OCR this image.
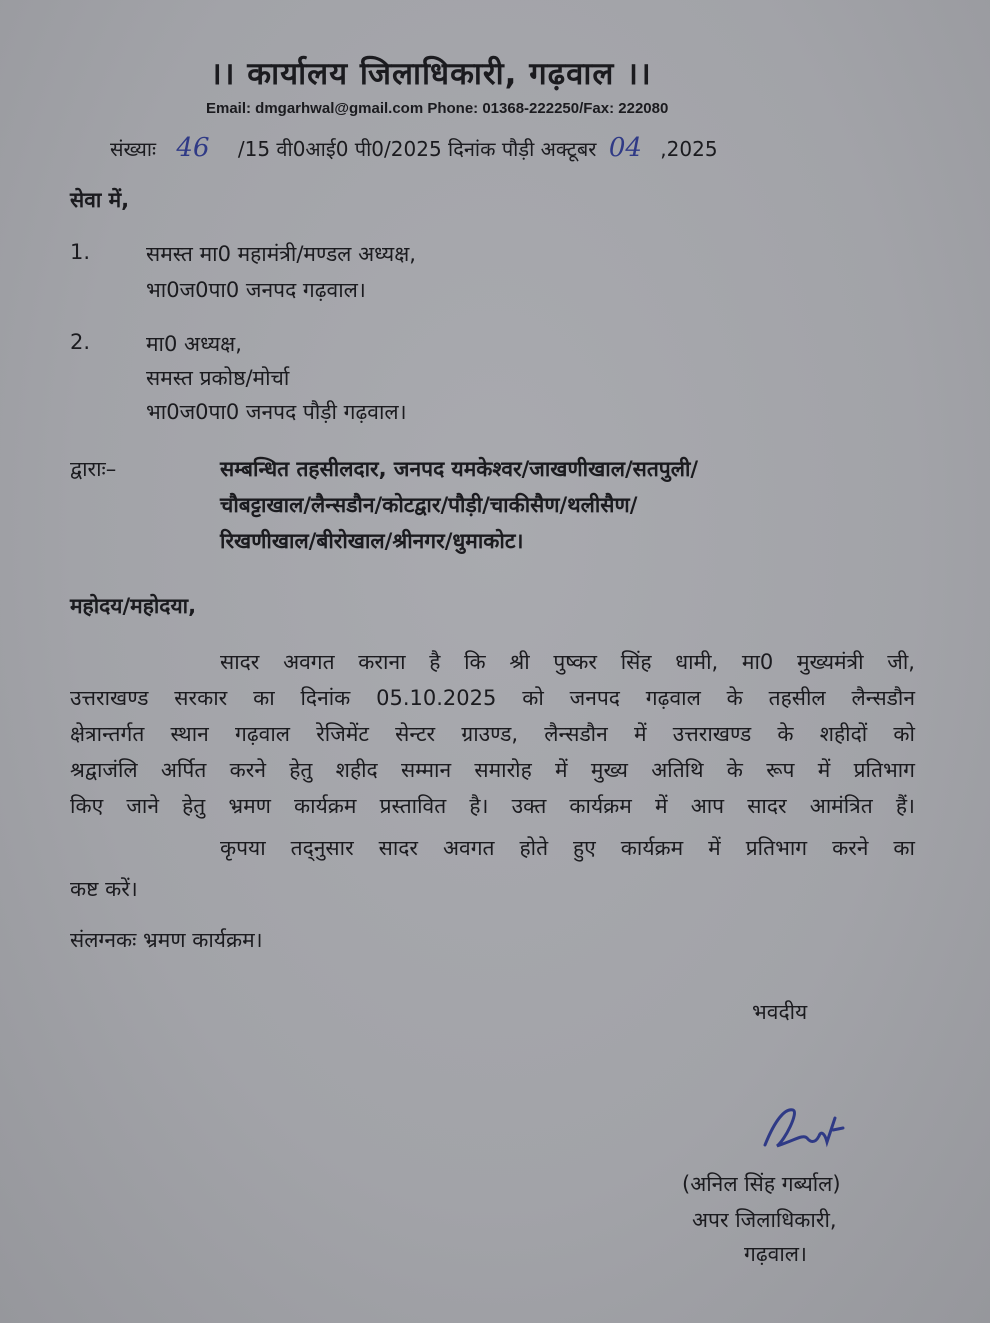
।। कार्यालय जिलाधिकारी, गढ़वाल ।।
Email: dmgarhwal@gmail.com Phone: 01368-222250/Fax: 222080
संख्याः 46 /15 वी0आई0 पी0/2025 दिनांक पौड़ी अक्टूबर 04 ,2025
सेवा में,
1.	समस्त मा0 महामंत्री/मण्डल अध्यक्ष,
भा0ज0पा0 जनपद गढ़वाल।
2.	मा0 अध्यक्ष,
समस्त प्रकोष्ठ/मोर्चा
भा0ज0पा0 जनपद पौड़ी गढ़वाल।
द्वाराः–	सम्बन्धित तहसीलदार, जनपद यमकेश्वर/जाखणीखाल/सतपुली/
चौबट्टाखाल/लैन्सडौन/कोटद्वार/पौड़ी/चाकीसैण/थलीसैण/
रिखणीखाल/बीरोखाल/श्रीनगर/धुमाकोट।
महोदय/महोदया,
सादर अवगत कराना है कि श्री पुष्कर सिंह धामी, मा0 मुख्यमंत्री जी,
उत्तराखण्ड सरकार का दिनांक 05.10.2025 को जनपद गढ़वाल के तहसील लैन्सडौन
क्षेत्रान्तर्गत स्थान गढ़वाल रेजिमेंट सेन्टर ग्राउण्ड, लैन्सडौन में उत्तराखण्ड के शहीदों को
श्रद्वाजंलि अर्पित करने हेतु शहीद सम्मान समारोह में मुख्य अतिथि के रूप में प्रतिभाग
किए जाने हेतु भ्रमण कार्यक्रम प्रस्तावित है। उक्त कार्यक्रम में आप सादर आमंत्रित हैं।
कृपया तद्नुसार सादर अवगत होते हुए कार्यक्रम में प्रतिभाग करने का
कष्ट करें।
संलग्नकः भ्रमण कार्यक्रम।
भवदीय
(अनिल सिंह गर्ब्याल)
अपर जिलाधिकारी,
गढ़वाल।
